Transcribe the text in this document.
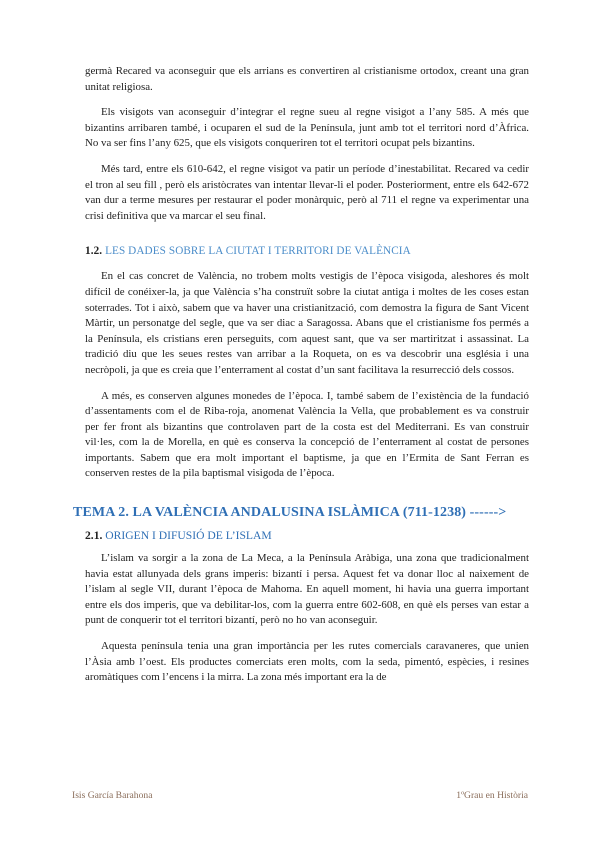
germà Recared va aconseguir que els arrians es convertiren al cristianisme ortodox, creant una gran unitat religiosa.

Els visigots van aconseguir d’integrar el regne sueu al regne visigot a l’any 585. A més que bizantins arribaren també, i ocuparen el sud de la Península, junt amb tot el territori nord d’Àfrica. No va ser fins l’any 625, que els visigots conqueriren tot el territori ocupat pels bizantins.

Més tard, entre els 610-642, el regne visigot va patir un període d’inestabilitat. Recared va cedir el tron al seu fill , però els aristòcrates van intentar llevar-li el poder. Posteriorment, entre els 642-672 van dur a terme mesures per restaurar el poder monàrquic, però al 711 el regne va experimentar una crisi definitiva que va marcar el seu final.

1.2. LES DADES SOBRE LA CIUTAT I TERRITORI DE VALÈNCIA

En el cas concret de València, no trobem molts vestigis de l’època visigoda, aleshores és molt difícil de conéixer-la, ja que València s’ha construït sobre la ciutat antiga i moltes de les coses estan soterrades. Tot i això, sabem que va haver una cristianització, com demostra la figura de Sant Vicent Màrtir, un personatge del segle, que va ser diac a Saragossa. Abans que el cristianisme fos permés a la Península, els cristians eren perseguits, com aquest sant, que va ser martiritzat i assassinat. La tradició diu que les seues restes van arribar a la Roqueta, on es va descobrir una església i una necròpoli, ja que es creia que l’enterrament al costat d’un sant facilitava la resurrecció dels cossos.

A més, es conserven algunes monedes de l’època. I, també sabem de l’existència de la fundació d’assentaments com el de Riba-roja, anomenat València la Vella, que probablement es va construir per fer front als bizantins que controlaven part de la costa est del Mediterrani. Es van construir vil·les, com la de Morella, en què es conserva la concepció de l’enterrament al costat de persones importants. Sabem que era molt important el baptisme, ja que en l’Ermita de Sant Ferran es conserven restes de la pila baptismal visigoda de l’època.

TEMA 2. LA VALÈNCIA ANDALUSINA ISLÀMICA (711-1238) ------>
2.1. ORIGEN I DIFUSIÓ DE L’ISLAM

L’islam va sorgir a la zona de La Meca, a la Península Aràbiga, una zona que tradicionalment havia estat allunyada dels grans imperis: bizantí i persa. Aquest fet va donar lloc al naixement de l’islam al segle VII, durant l’època de Mahoma. En aquell moment, hi havia una guerra important entre els dos imperis, que va debilitar-los, com la guerra entre 602-608, en què els perses van estar a punt de conquerir tot el territori bizantí, però no ho van aconseguir.

Aquesta península tenia una gran importància per les rutes comercials caravaneres, que unien l’Àsia amb l’oest. Els productes comerciats eren molts, com la seda, pimentó, espècies, i resines aromàtiques com l’encens i la mirra. La zona més important era la de

Isis García Barahona	1ºGrau en Història
